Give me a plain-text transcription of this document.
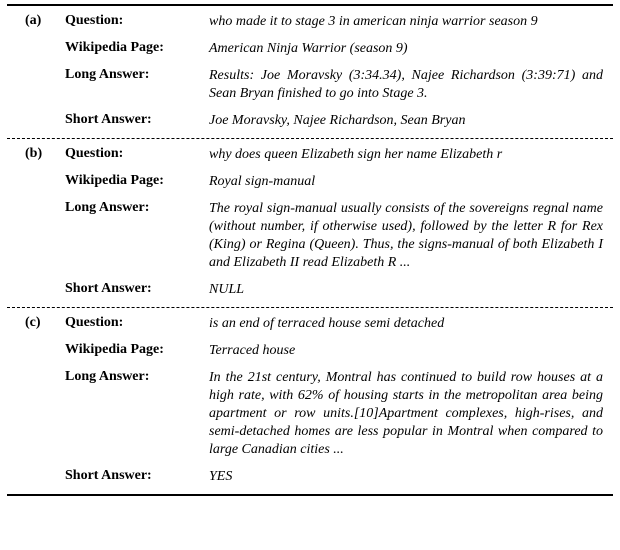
(a)	Question:	who made it to stage 3 in american ninja warrior season 9
Wikipedia Page:	American Ninja Warrior (season 9)
Long Answer:	Results: Joe Moravsky (3:34.34), Najee Richardson (3:39:71) and Sean Bryan finished to go into Stage 3.
Short Answer:	Joe Moravsky, Najee Richardson, Sean Bryan
(b)	Question:	why does queen Elizabeth sign her name Elizabeth r
Wikipedia Page:	Royal sign-manual
Long Answer:	The royal sign-manual usually consists of the sovereigns regnal name (without number, if otherwise used), followed by the letter R for Rex (King) or Regina (Queen). Thus, the signs-manual of both Elizabeth I and Elizabeth II read Elizabeth R ...
Short Answer:	NULL
(c)	Question:	is an end of terraced house semi detached
Wikipedia Page:	Terraced house
Long Answer:	In the 21st century, Montral has continued to build row houses at a high rate, with 62% of housing starts in the metropolitan area being apartment or row units.[10]Apartment complexes, high-rises, and semi-detached homes are less popular in Montral when compared to large Canadian cities ...
Short Answer:	YES
